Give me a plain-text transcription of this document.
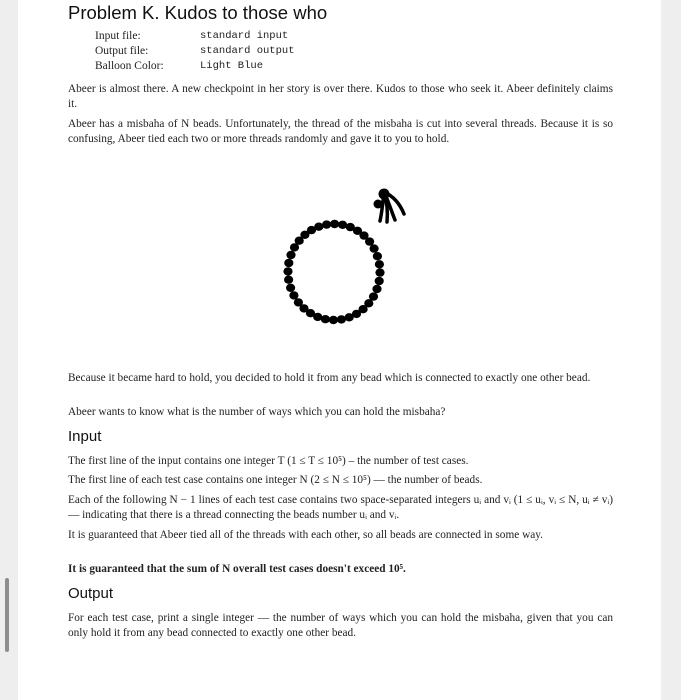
Problem K. Kudos to those who
Input file:	standard input
Output file:	standard output
Balloon Color:	Light Blue

Abeer is almost there. A new checkpoint in her story is over there. Kudos to those who seek it. Abeer definitely claims it.

Abeer has a misbaha of N beads. Unfortunately, the thread of the misbaha is cut into several threads. Because it is so confusing, Abeer tied each two or more threads randomly and gave it to you to hold.

Because it became hard to hold, you decided to hold it from any bead which is connected to exactly one other bead.

Abeer wants to know what is the number of ways which you can hold the misbaha?

Input

The first line of the input contains one integer T (1 ≤ T ≤ 10⁵) – the number of test cases.

The first line of each test case contains one integer N (2 ≤ N ≤ 10⁵) — the number of beads.

Each of the following N − 1 lines of each test case contains two space-separated integers uᵢ and vᵢ (1 ≤ uᵢ, vᵢ ≤ N, uᵢ ≠ vᵢ) — indicating that there is a thread connecting the beads number uᵢ and vᵢ.

It is guaranteed that Abeer tied all of the threads with each other, so all beads are connected in some way.

It is guaranteed that the sum of N overall test cases doesn't exceed 10⁵.

Output

For each test case, print a single integer — the number of ways which you can hold the misbaha, given that you can only hold it from any bead connected to exactly one other bead.
